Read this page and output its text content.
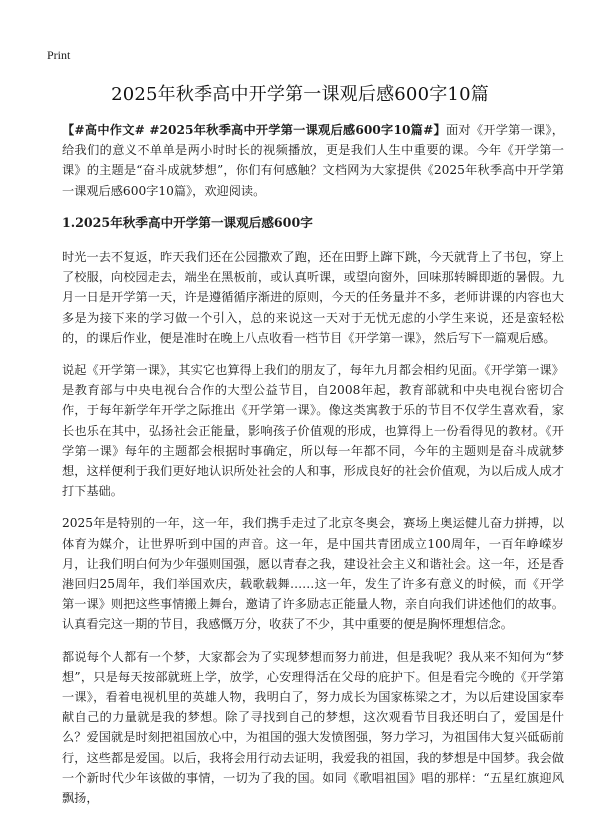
Print
2025年秋季高中开学第一课观后感600字10篇

【#高中作文# #2025年秋季高中开学第一课观后感600字10篇#】面对《开学第一课》，给我们的意义不单单是两小时时长的视频播放，更是我们人生中重要的课。今年《开学第一课》的主题是“奋斗成就梦想”，你们有何感触？文档网为大家提供《2025年秋季高中开学第一课观后感600字10篇》，欢迎阅读。

1.2025年秋季高中开学第一课观后感600字

时光一去不复返，昨天我们还在公园撒欢了跑，还在田野上蹿下跳，今天就背上了书包，穿上了校服，向校园走去，端坐在黑板前，或认真听课，或望向窗外，回味那转瞬即逝的暑假。九月一日是开学第一天，许是遵循循序渐进的原则，今天的任务量并不多，老师讲课的内容也大多是为接下来的学习做一个引入，总的来说这一天对于无忧无虑的小学生来说，还是蛮轻松的，的课后作业，便是准时在晚上八点收看一档节目《开学第一课》，然后写下一篇观后感。

说起《开学第一课》，其实它也算得上我们的朋友了，每年九月都会相约见面。《开学第一课》是教育部与中央电视台合作的大型公益节目，自2008年起，教育部就和中央电视台密切合作，于每年新学年开学之际推出《开学第一课》。像这类寓教于乐的节目不仅学生喜欢看，家长也乐在其中，弘扬社会正能量，影响孩子价值观的形成，也算得上一份看得见的教材。《开学第一课》每年的主题都会根据时事确定，所以每一年都不同，今年的主题则是奋斗成就梦想，这样便利于我们更好地认识所处社会的人和事，形成良好的社会价值观，为以后成人成才打下基础。

2025年是特别的一年，这一年，我们携手走过了北京冬奥会，赛场上奥运健儿奋力拼搏，以体育为媒介，让世界听到中国的声音。这一年，是中国共青团成立100周年，一百年峥嵘岁月，让我们明白何为少年强则国强，愿以青春之我，建设社会主义和谐社会。这一年，还是香港回归25周年，我们举国欢庆，载歌载舞……这一年，发生了许多有意义的时候，而《开学第一课》则把这些事情搬上舞台，邀请了许多励志正能量人物，亲自向我们讲述他们的故事。认真看完这一期的节目，我感慨万分，收获了不少，其中重要的便是胸怀理想信念。

都说每个人都有一个梦，大家都会为了实现梦想而努力前进，但是我呢？我从来不知何为“梦想”，只是每天按部就班上学，放学，心安理得活在父母的庇护下。但是看完今晚的《开学第一课》，看着电视机里的英雄人物，我明白了，努力成长为国家栋梁之才，为以后建设国家奉献自己的力量就是我的梦想。除了寻找到自己的梦想，这次观看节目我还明白了，爱国是什么？爱国就是时刻把祖国放心中，为祖国的强大发愤图强，努力学习，为祖国伟大复兴砥砺前行，这些都是爱国。以后，我将会用行动去证明，我爱我的祖国，我的梦想是中国梦。我会做一个新时代少年该做的事情，一切为了我的国。如同《歌唱祖国》唱的那样：“五星红旗迎风飘扬，
